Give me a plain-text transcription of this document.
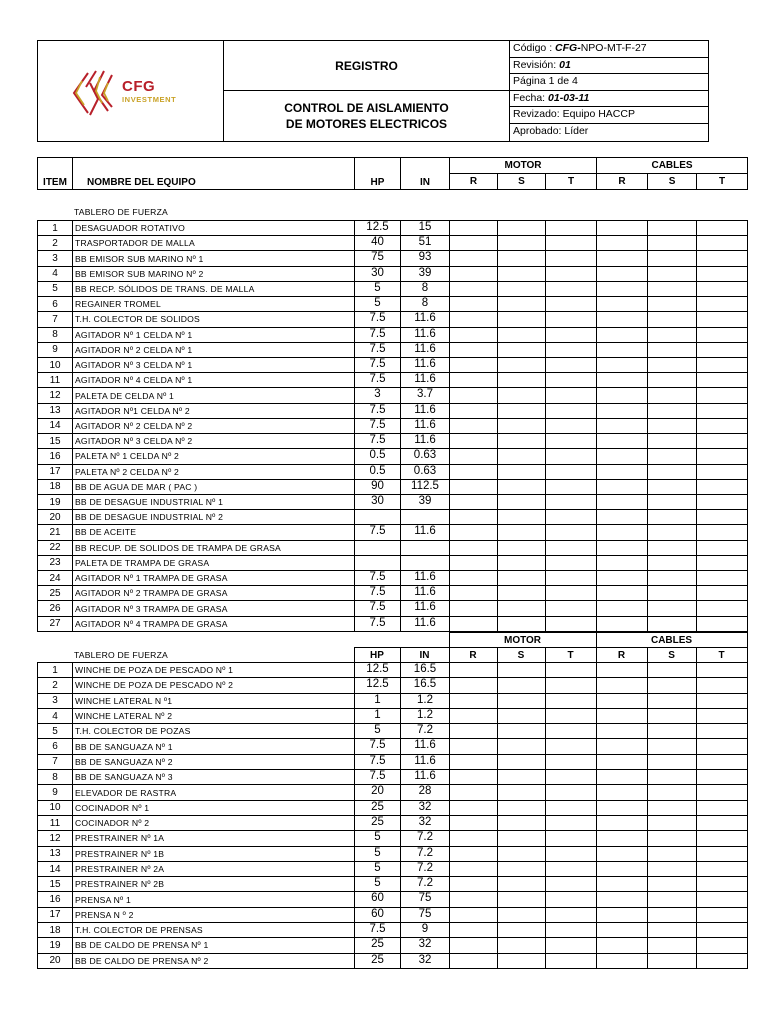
CFG
INVESTMENT
REGISTRO
CONTROL DE AISLAMIENTO
DE MOTORES ELECTRICOS
Código : CFG-NPO-MT-F-27
Revisión: 01
Página 1 de 4
Fecha: 01-03-11
Revizado: Equipo HACCP
Aprobado: Líder
ITEM	NOMBRE DEL EQUIPO	HP	IN	MOTOR			CABLES		
				R	S	T	R	S	T
TABLERO DE FUERZA
1	DESAGUADOR ROTATIVO	12.5	15						
2	TRASPORTADOR DE MALLA	40	51						
3	BB EMISOR SUB MARINO Nº 1	75	93						
4	BB EMISOR SUB MARINO Nº 2	30	39						
5	BB RECP. SÓLIDOS DE TRANS. DE MALLA	5	8						
6	REGAINER TROMEL	5	8						
7	T.H. COLECTOR DE SOLIDOS	7.5	11.6						
8	AGITADOR Nº 1 CELDA Nº 1	7.5	11.6						
9	AGITADOR Nº 2 CELDA Nº 1	7.5	11.6						
10	AGITADOR Nº 3 CELDA Nº 1	7.5	11.6						
11	AGITADOR Nº 4 CELDA Nº 1	7.5	11.6						
12	PALETA DE CELDA Nº 1	3	3.7						
13	AGITADOR Nº1 CELDA Nº 2	7.5	11.6						
14	AGITADOR Nº 2 CELDA Nº 2	7.5	11.6						
15	AGITADOR Nº 3 CELDA Nº 2	7.5	11.6						
16	PALETA Nº 1 CELDA Nº 2	0.5	0.63						
17	PALETA Nº 2 CELDA Nº 2	0.5	0.63						
18	BB DE AGUA DE MAR ( PAC )	90	112.5						
19	BB DE DESAGUE INDUSTRIAL Nº 1	30	39						
20	BB DE DESAGUE INDUSTRIAL Nº 2								
21	BB DE ACEITE	7.5	11.6						
22	BB RECUP. DE SOLIDOS DE TRAMPA DE GRASA								
23	PALETA DE TRAMPA DE GRASA								
24	AGITADOR Nº 1 TRAMPA DE GRASA	7.5	11.6						
25	AGITADOR Nº 2 TRAMPA DE GRASA	7.5	11.6						
26	AGITADOR Nº 3 TRAMPA DE GRASA	7.5	11.6						
27	AGITADOR Nº 4 TRAMPA DE GRASA	7.5	11.6						
				MOTOR			CABLES		
TABLERO DE FUERZA		HP	IN	R	S	T	R	S	T
1	WINCHE DE POZA DE PESCADO Nº 1	12.5	16.5						
2	WINCHE DE POZA DE PESCADO Nº 2	12.5	16.5						
3	WINCHE LATERAL N º1	1	1.2						
4	WINCHE LATERAL Nº 2	1	1.2						
5	T.H. COLECTOR DE POZAS	5	7.2						
6	BB DE SANGUAZA Nº 1	7.5	11.6						
7	BB DE SANGUAZA Nº 2	7.5	11.6						
8	BB DE SANGUAZA Nº 3	7.5	11.6						
9	ELEVADOR DE RASTRA	20	28						
10	COCINADOR Nº 1	25	32						
11	COCINADOR Nº 2	25	32						
12	PRESTRAINER Nº 1A	5	7.2						
13	PRESTRAINER Nº 1B	5	7.2						
14	PRESTRAINER Nº 2A	5	7.2						
15	PRESTRAINER Nº 2B	5	7.2						
16	PRENSA Nº 1	60	75						
17	PRENSA N º 2	60	75						
18	T.H. COLECTOR DE PRENSAS	7.5	9						
19	BB DE CALDO DE PRENSA Nº 1	25	32						
20	BB DE CALDO DE PRENSA Nº 2	25	32						
